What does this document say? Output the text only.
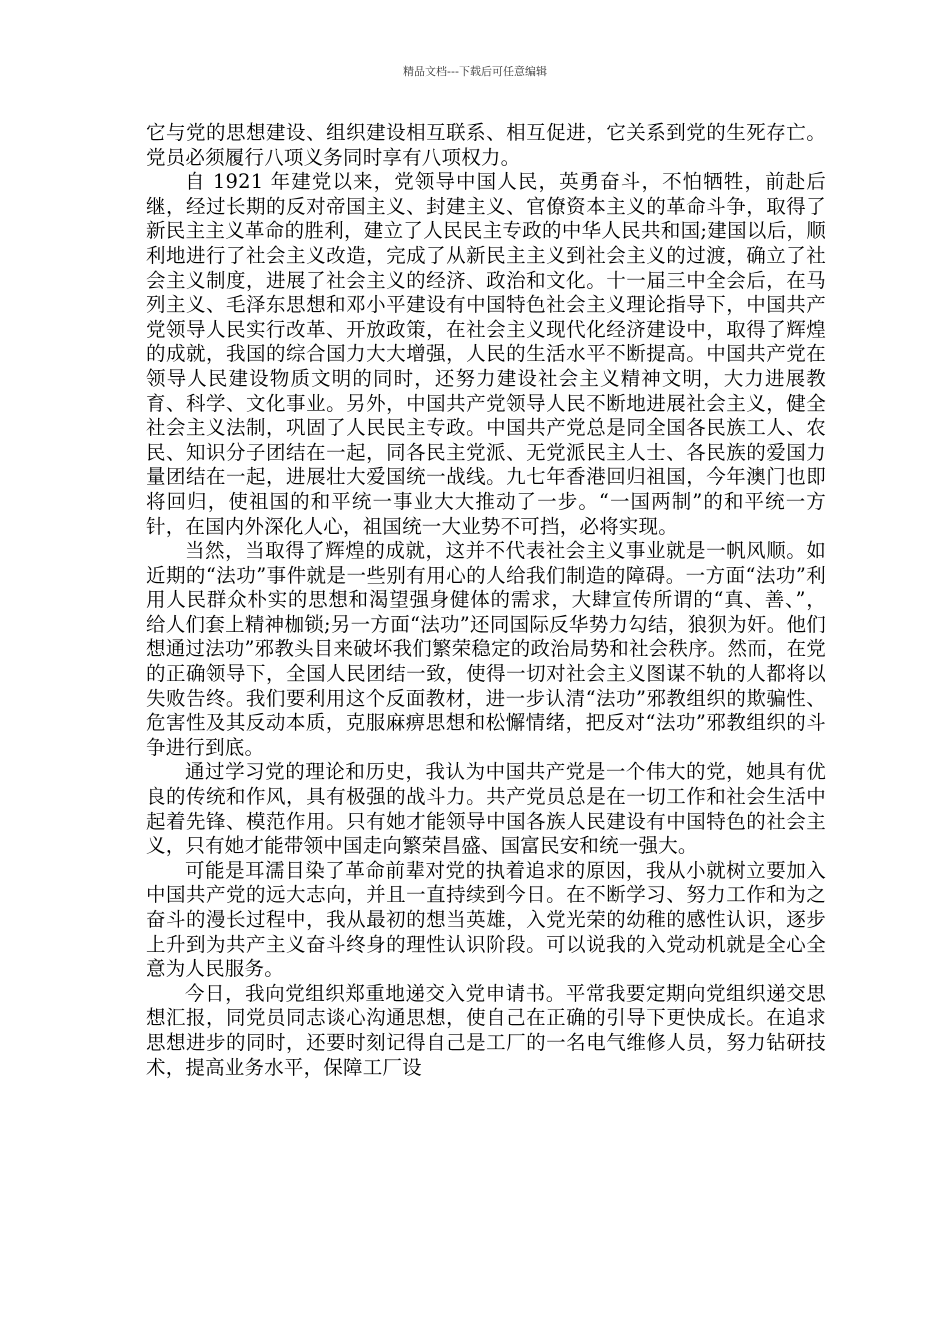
精品文档---下载后可任意编辑

它与党的思想建设、组织建设相互联系、相互促进，它关系到党的生死存亡。党员必须履行八项义务同时享有八项权力。

自 1921 年建党以来，党领导中国人民，英勇奋斗，不怕牺牲，前赴后继，经过长期的反对帝国主义、封建主义、官僚资本主义的革命斗争，取得了新民主主义革命的胜利，建立了人民民主专政的中华人民共和国;建国以后，顺利地进行了社会主义改造，完成了从新民主主义到社会主义的过渡，确立了社会主义制度，进展了社会主义的经济、政治和文化。十一届三中全会后，在马列主义、毛泽东思想和邓小平建设有中国特色社会主义理论指导下，中国共产党领导人民实行改革、开放政策，在社会主义现代化经济建设中，取得了辉煌的成就，我国的综合国力大大增强，人民的生活水平不断提高。中国共产党在领导人民建设物质文明的同时，还努力建设社会主义精神文明，大力进展教育、科学、文化事业。另外，中国共产党领导人民不断地进展社会主义，健全社会主义法制，巩固了人民民主专政。中国共产党总是同全国各民族工人、农民、知识分子团结在一起，同各民主党派、无党派民主人士、各民族的爱国力量团结在一起，进展壮大爱国统一战线。九七年香港回归祖国，今年澳门也即将回归，使祖国的和平统一事业大大推动了一步。“一国两制”的和平统一方针，在国内外深化人心，祖国统一大业势不可挡，必将实现。

当然，当取得了辉煌的成就，这并不代表社会主义事业就是一帆风顺。如近期的“法功”事件就是一些别有用心的人给我们制造的障碍。一方面“法功”利用人民群众朴实的思想和渴望强身健体的需求，大肆宣传所谓的“真、善、”，给人们套上精神枷锁;另一方面“法功”还同国际反华势力勾结，狼狈为奸。他们想通过法功”邪教头目来破坏我们繁荣稳定的政治局势和社会秩序。然而，在党的正确领导下，全国人民团结一致，使得一切对社会主义图谋不轨的人都将以失败告终。我们要利用这个反面教材，进一步认清“法功”邪教组织的欺骗性、危害性及其反动本质，克服麻痹思想和松懈情绪，把反对“法功”邪教组织的斗争进行到底。

通过学习党的理论和历史，我认为中国共产党是一个伟大的党，她具有优良的传统和作风，具有极强的战斗力。共产党员总是在一切工作和社会生活中起着先锋、模范作用。只有她才能领导中国各族人民建设有中国特色的社会主义，只有她才能带领中国走向繁荣昌盛、国富民安和统一强大。

可能是耳濡目染了革命前辈对党的执着追求的原因，我从小就树立要加入中国共产党的远大志向，并且一直持续到今日。在不断学习、努力工作和为之奋斗的漫长过程中，我从最初的想当英雄，入党光荣的幼稚的感性认识，逐步上升到为共产主义奋斗终身的理性认识阶段。可以说我的入党动机就是全心全意为人民服务。

今日，我向党组织郑重地递交入党申请书。平常我要定期向党组织递交思想汇报，同党员同志谈心沟通思想，使自己在正确的引导下更快成长。在追求思想进步的同时，还要时刻记得自己是工厂的一名电气维修人员，努力钻研技术，提高业务水平，保障工厂设
